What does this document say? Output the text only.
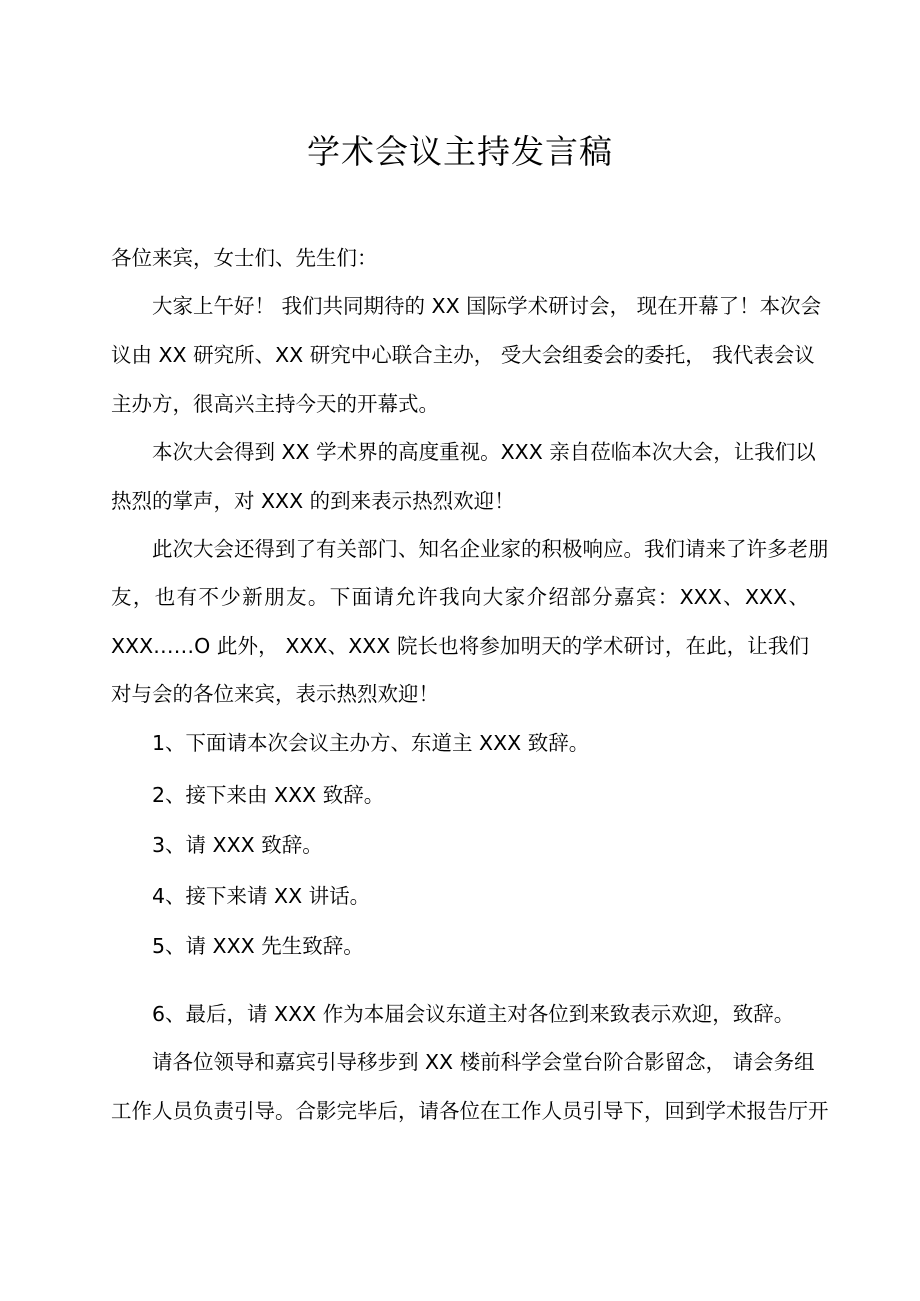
学术会议主持发言稿

各位来宾，女士们、先生们：

大家上午好！ 我们共同期待的 XX 国际学术研讨会， 现在开幕了！本次会

议由 XX 研究所、XX 研究中心联合主办， 受大会组委会的委托， 我代表会议

主办方，很高兴主持今天的开幕式。

本次大会得到 XX 学术界的高度重视。XXX 亲自莅临本次大会，让我们以

热烈的掌声，对 XXX 的到来表示热烈欢迎！

此次大会还得到了有关部门、知名企业家的积极响应。我们请来了许多老朋

友，也有不少新朋友。下面请允许我向大家介绍部分嘉宾：XXX、XXX、

XXX……O 此外， XXX、XXX 院长也将参加明天的学术研讨，在此，让我们

对与会的各位来宾，表示热烈欢迎！

1、下面请本次会议主办方、东道主 XXX 致辞。

2、接下来由 XXX 致辞。

3、请 XXX 致辞。

4、接下来请 XX 讲话。

5、请 XXX 先生致辞。

6、最后，请 XXX 作为本届会议东道主对各位到来致表示欢迎，致辞。

请各位领导和嘉宾引导移步到 XX 楼前科学会堂台阶合影留念， 请会务组

工作人员负责引导。合影完毕后，请各位在工作人员引导下，回到学术报告厅开
